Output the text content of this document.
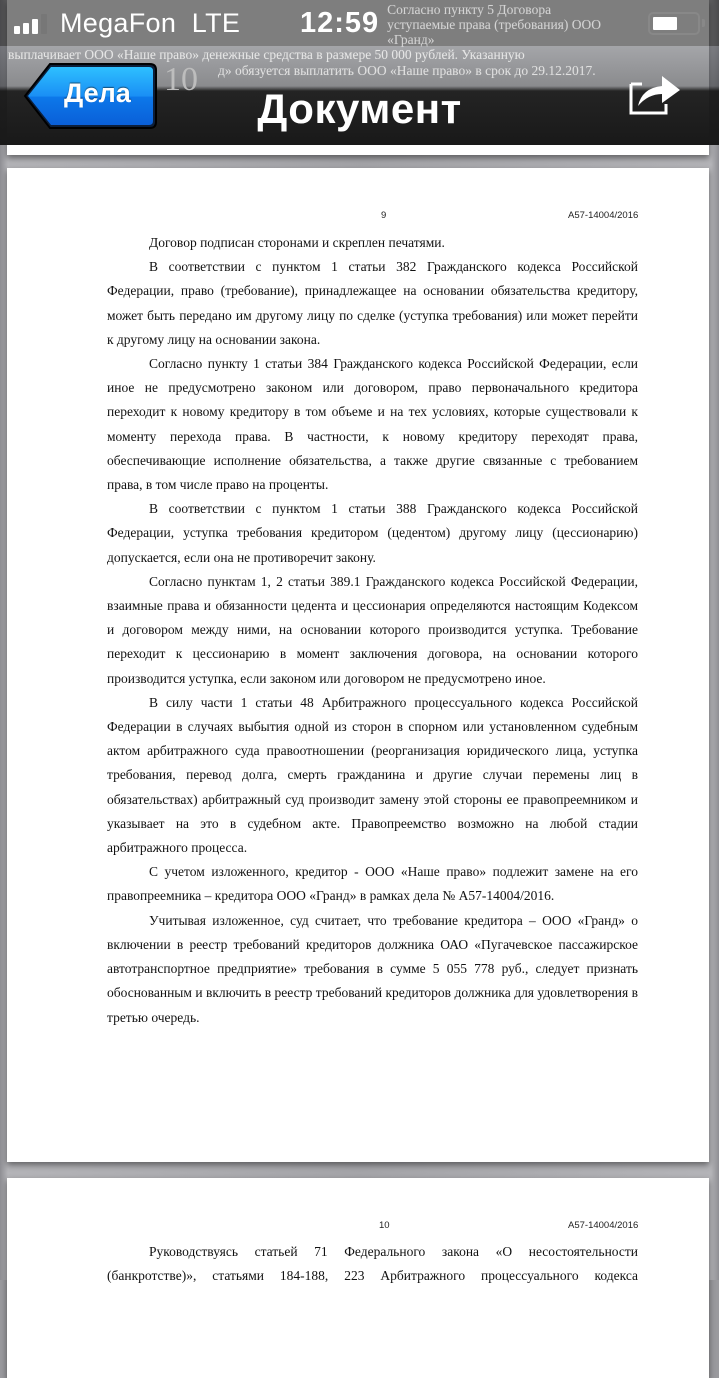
9	А57-14004/2016

Договор подписан сторонами и скреплен печатями.

В соответствии с пунктом 1 статьи 382 Гражданского кодекса Российской Федерации, право (требование), принадлежащее на основании обязательства кредитору, может быть передано им другому лицу по сделке (уступка требования) или может перейти к другому лицу на основании закона.

Согласно пункту 1 статьи 384 Гражданского кодекса Российской Федерации, если иное не предусмотрено законом или договором, право первоначального кредитора переходит к новому кредитору в том объеме и на тех условиях, которые существовали к моменту перехода права. В частности, к новому кредитору переходят права, обеспечивающие исполнение обязательства, а также другие связанные с требованием права, в том числе право на проценты.

В соответствии с пунктом 1 статьи 388 Гражданского кодекса Российской Федерации, уступка требования кредитором (цедентом) другому лицу (цессионарию) допускается, если она не противоречит закону.

Согласно пунктам 1, 2 статьи 389.1 Гражданского кодекса Российской Федерации, взаимные права и обязанности цедента и цессионария определяются настоящим Кодексом и договором между ними, на основании которого производится уступка. Требование переходит к цессионарию в момент заключения договора, на основании которого производится уступка, если законом или договором не предусмотрено иное.

В силу части 1 статьи 48 Арбитражного процессуального кодекса Российской Федерации в случаях выбытия одной из сторон в спорном или установленном судебным актом арбитражного суда правоотношении (реорганизация юридического лица, уступка требования, перевод долга, смерть гражданина и другие случаи перемены лиц в обязательствах) арбитражный суд производит замену этой стороны ее правопреемником и указывает на это в судебном акте. Правопреемство возможно на любой стадии арбитражного процесса.

С учетом изложенного, кредитор - ООО «Наше право» подлежит замене на его правопреемника – кредитора ООО «Гранд» в рамках дела № А57-14004/2016.

Учитывая изложенное, суд считает, что требование кредитора – ООО «Гранд» о включении в реестр требований кредиторов должника ОАО «Пугачевское пассажирское автотранспортное предприятие» требования в сумме 5 055 778 руб., следует признать обоснованным и включить в реестр требований кредиторов должника для удовлетворения в третью очередь.

10	А57-14004/2016

Руководствуясь статьей 71 Федерального закона «О несостоятельности (банкротстве)», статьями 184-188, 223 Арбитражного процессуального кодекса

MegaFon LTE 12:59
Дела	Документ
Согласно пункту 5 Договора уступаемые права (требования) ООО «Гранд»
выплачивает ООО «Наше право» денежные средства в размере 50 000 рублей. Указанную
д» обязуется выплатить ООО «Наше право» в срок до 29.12.2017.
10
